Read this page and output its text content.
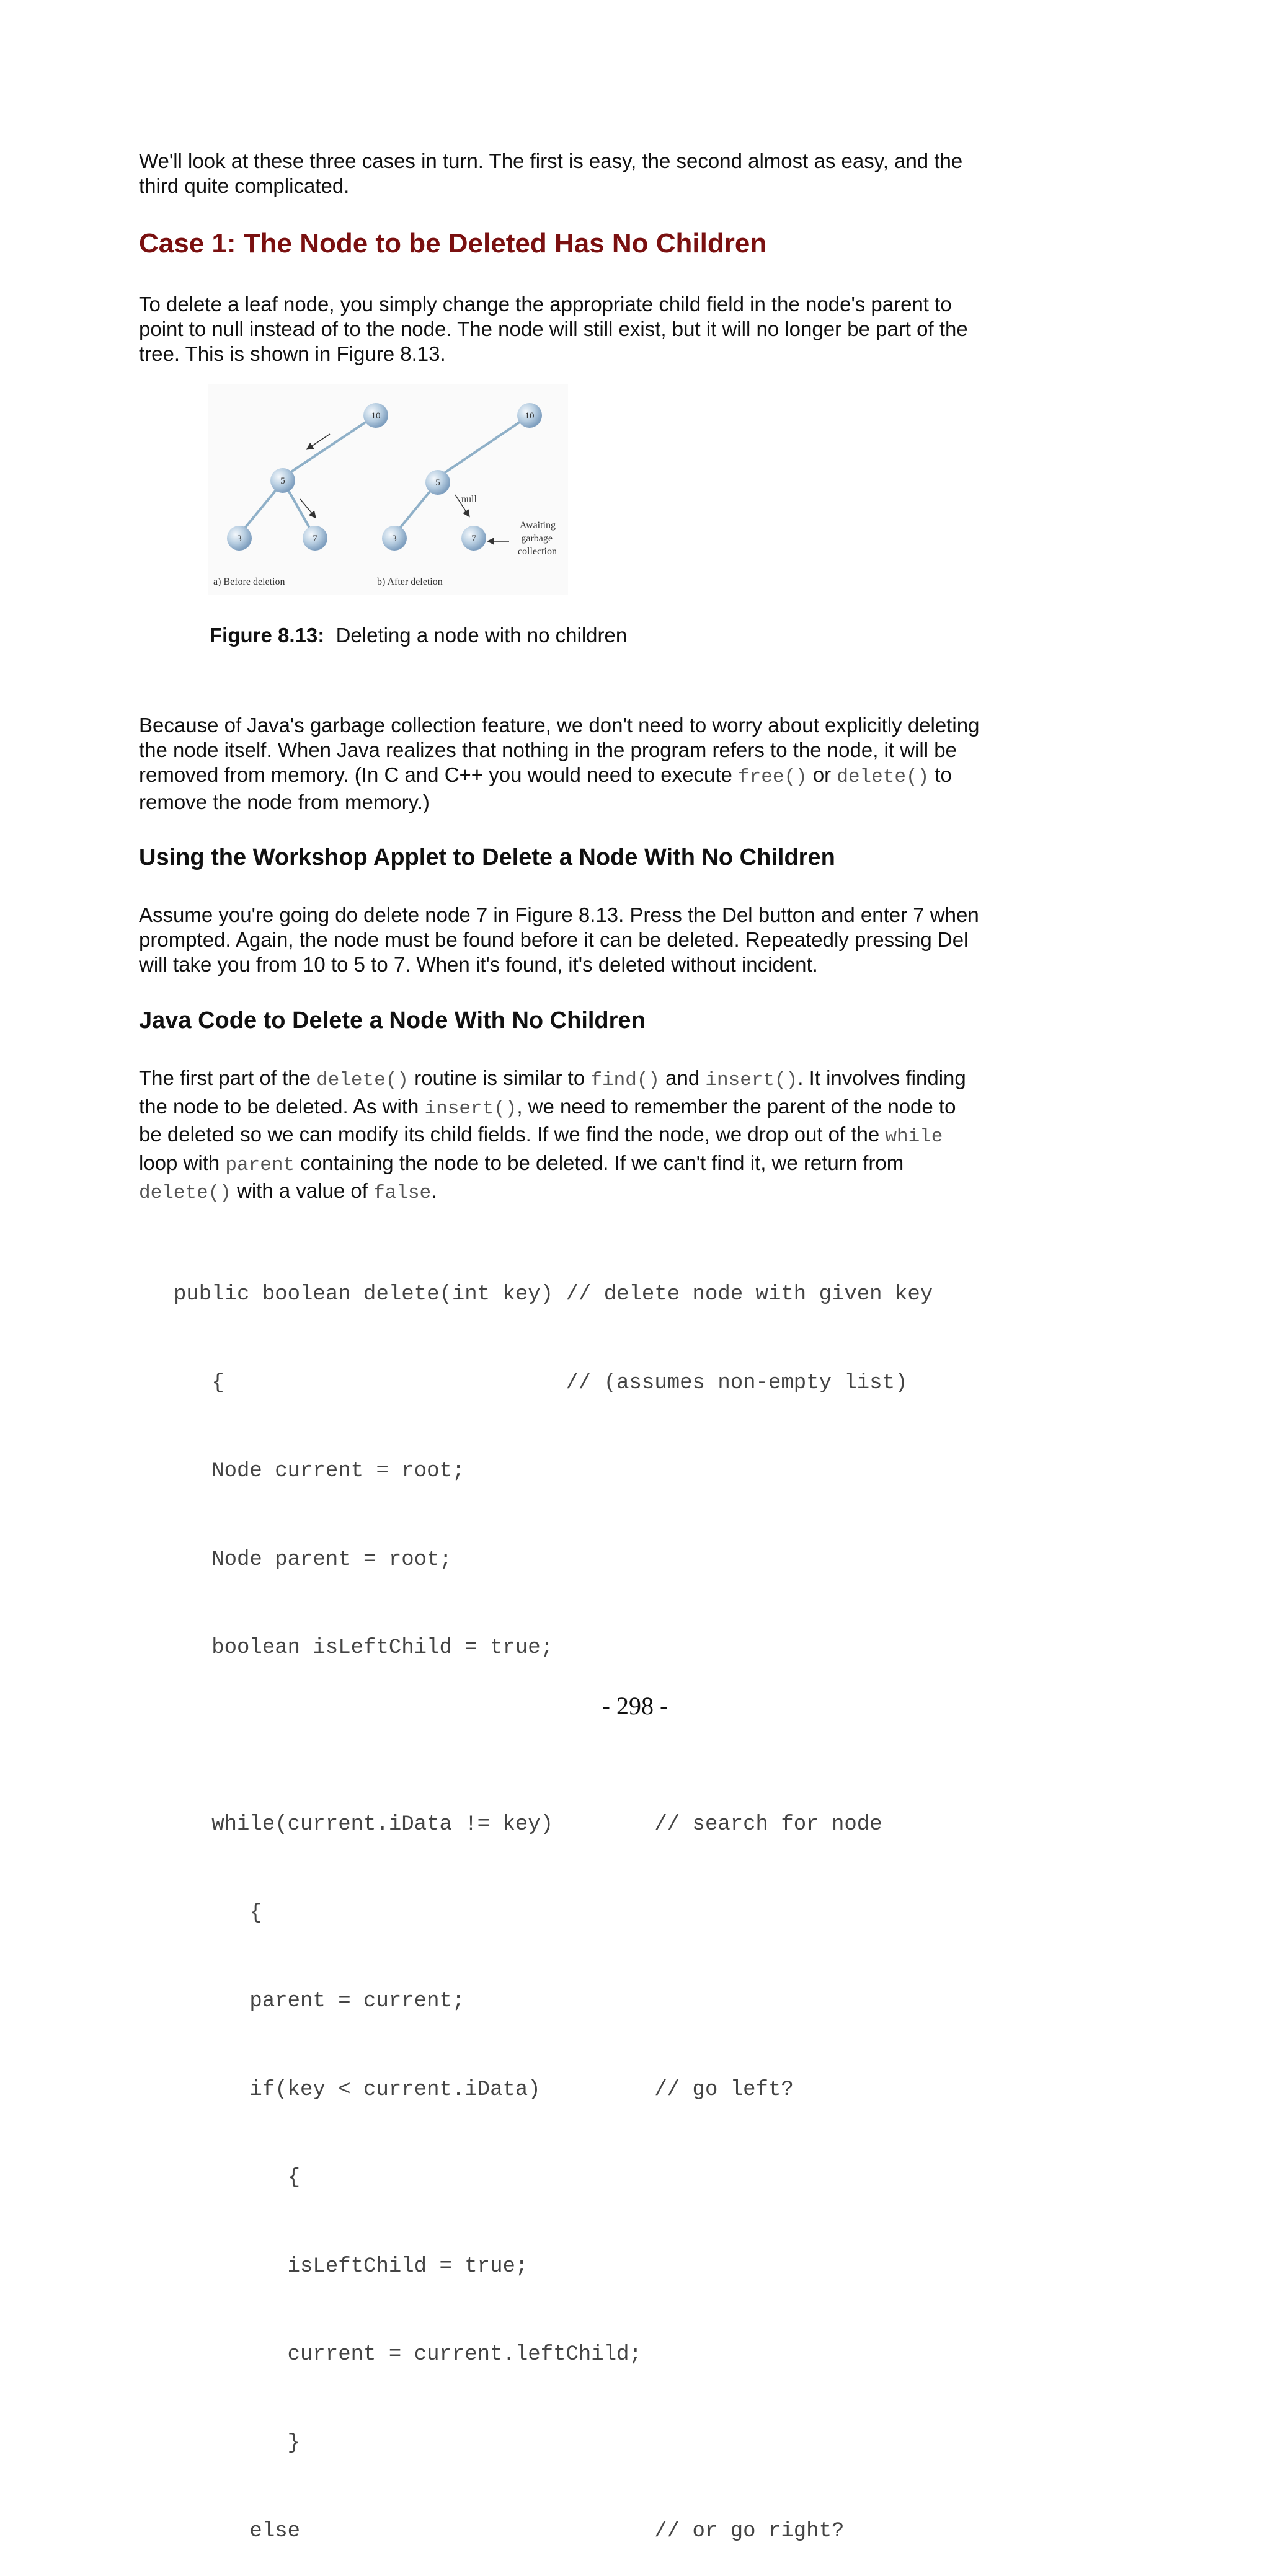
We'll look at these three cases in turn. The first is easy, the second almost as easy, and the third quite complicated.

Case 1: The Node to be Deleted Has No Children

To delete a leaf node, you simply change the appropriate child field in the node's parent to point to null instead of to the node. The node will still exist, but it will no longer be part of the tree. This is shown in Figure 8.13.

10
5
3	7
a) Before deletion
null
10
5
3	7
Awaiting
garbage
collection
b) After deletion
Figure 8.13: Deleting a node with no children

Because of Java's garbage collection feature, we don't need to worry about explicitly deleting the node itself. When Java realizes that nothing in the program refers to the node, it will be removed from memory. (In C and C++ you would need to execute free() or delete() to remove the node from memory.)

Using the Workshop Applet to Delete a Node With No Children

Assume you're going do delete node 7 in Figure 8.13. Press the Del button and enter 7 when prompted. Again, the node must be found before it can be deleted. Repeatedly pressing Del will take you from 10 to 5 to 7. When it's found, it's deleted without incident.

Java Code to Delete a Node With No Children

The first part of the delete() routine is similar to find() and insert(). It involves finding the node to be deleted. As with insert(), we need to remember the parent of the node to be deleted so we can modify its child fields. If we find the node, we drop out of the while loop with parent containing the node to be deleted. If we can't find it, we return from delete() with a value of false.

public boolean delete(int key) // delete node with given key

{                           // (assumes non-empty list)

Node current = root;

Node parent = root;

boolean isLeftChild = true;

while(current.iData != key)        // search for node

{

parent = current;

if(key < current.iData)         // go left?

{

isLeftChild = true;

current = current.leftChild;

}

else                            // or go right?

- 298 -
